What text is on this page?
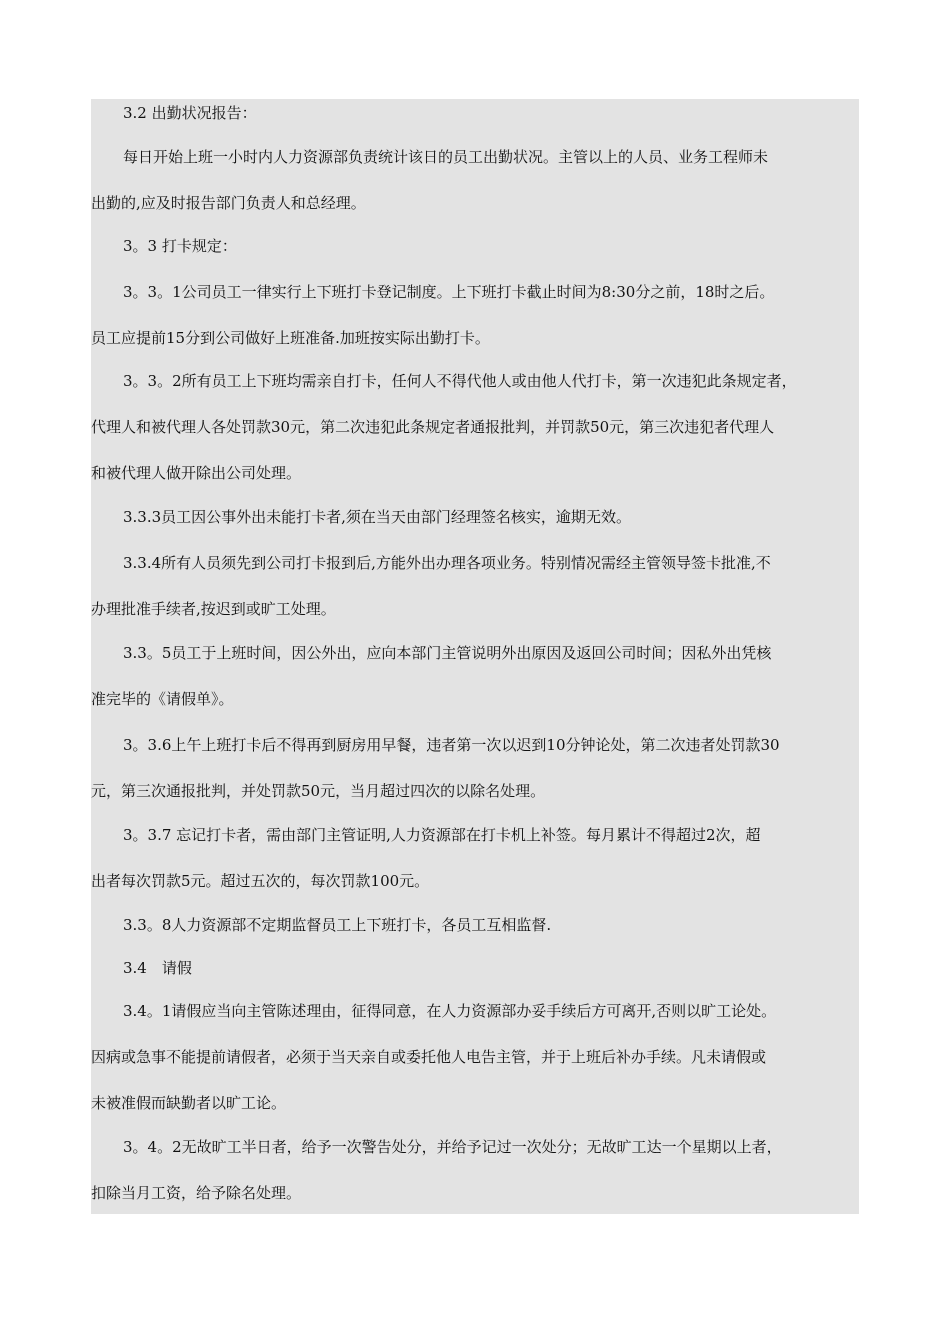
3.2 出勤状况报告：
每日开始上班一小时内人力资源部负责统计该日的员工出勤状况。主管以上的人员、业务工程师未
出勤的,应及时报告部门负责人和总经理。
3。3 打卡规定：
3。3。1公司员工一律实行上下班打卡登记制度。上下班打卡截止时间为8:30分之前，18时之后。
员工应提前15分到公司做好上班准备.加班按实际出勤打卡。
3。3。2所有员工上下班均需亲自打卡，任何人不得代他人或由他人代打卡，第一次违犯此条规定者，
代理人和被代理人各处罚款30元，第二次违犯此条规定者通报批判，并罚款50元，第三次违犯者代理人
和被代理人做开除出公司处理。
3.3.3员工因公事外出未能打卡者,须在当天由部门经理签名核实，逾期无效。
3.3.4所有人员须先到公司打卡报到后,方能外出办理各项业务。特别情况需经主管领导签卡批准,不
办理批准手续者,按迟到或旷工处理。
3.3。5员工于上班时间，因公外出，应向本部门主管说明外出原因及返回公司时间；因私外出凭核
准完毕的《请假单》。
3。3.6上午上班打卡后不得再到厨房用早餐，违者第一次以迟到10分钟论处，第二次违者处罚款30
元，第三次通报批判，并处罚款50元，当月超过四次的以除名处理。
3。3.7 忘记打卡者，需由部门主管证明,人力资源部在打卡机上补签。每月累计不得超过2次，超
出者每次罚款5元。超过五次的，每次罚款100元。
3.3。8人力资源部不定期监督员工上下班打卡，各员工互相监督.
3.4　请假
3.4。1请假应当向主管陈述理由，征得同意，在人力资源部办妥手续后方可离开,否则以旷工论处。
因病或急事不能提前请假者，必须于当天亲自或委托他人电告主管，并于上班后补办手续。凡未请假或
未被准假而缺勤者以旷工论。
3。4。2无故旷工半日者，给予一次警告处分，并给予记过一次处分；无故旷工达一个星期以上者，
扣除当月工资，给予除名处理。
